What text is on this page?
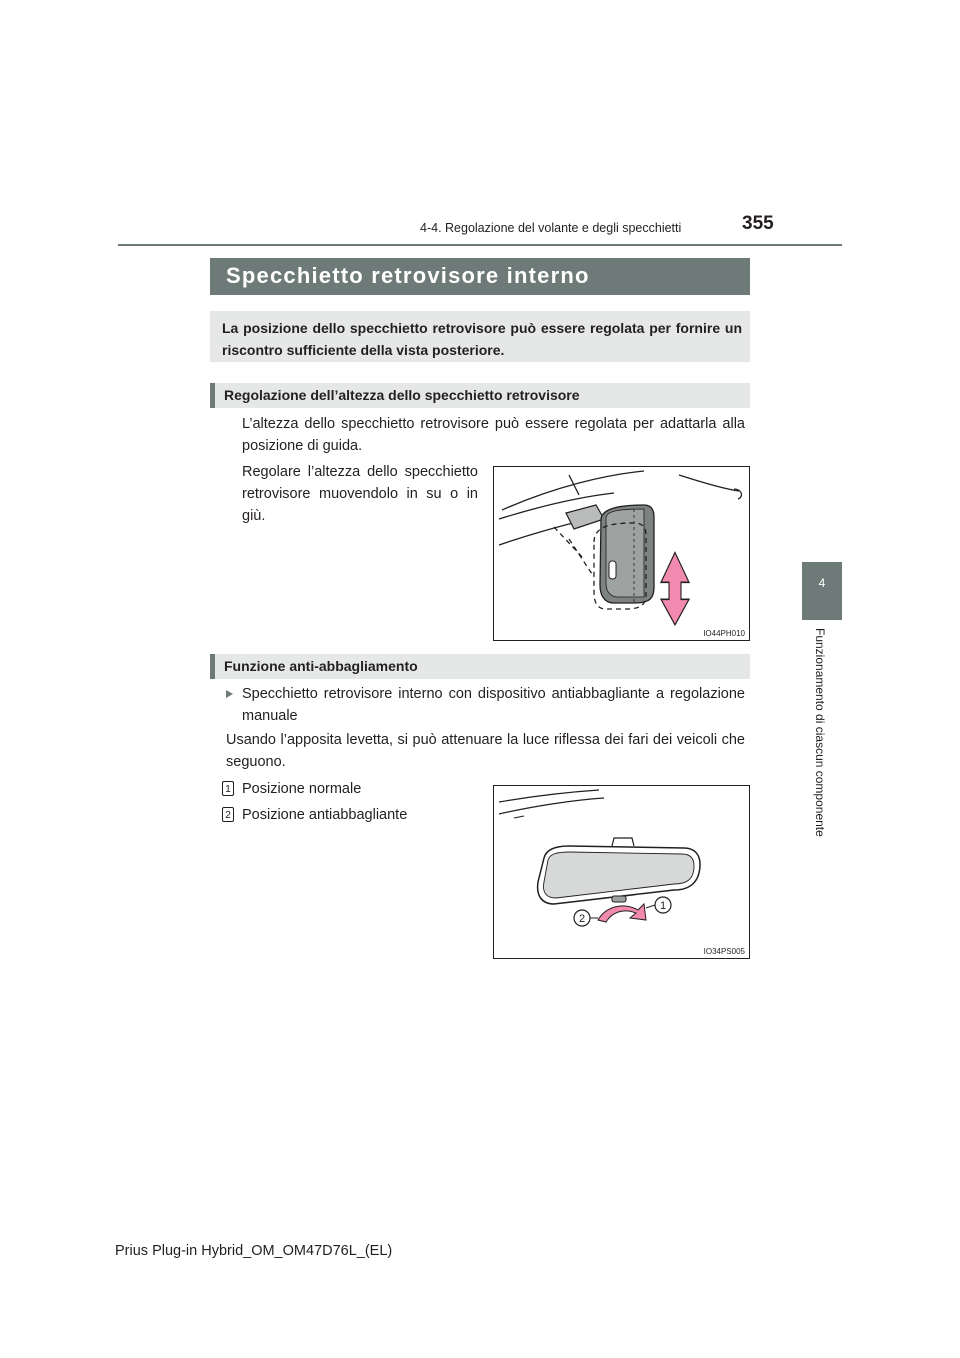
4-4. Regolazione del volante e degli specchietti	355
4
Funzionamento di ciascun componente
Specchietto retrovisore interno
La posizione dello specchietto retrovisore può essere regolata per fornire un riscontro sufficiente della vista posteriore.
Regolazione dell’altezza dello specchietto retrovisore
L’altezza dello specchietto retrovisore può essere regolata per adattarla alla posizione di guida.
Regolare l’altezza dello specchietto retrovisore muovendolo in su o in giù.
IO44PH010
Funzione anti-abbagliamento
Specchietto retrovisore interno con dispositivo antiabbagliante a regolazione manuale
Usando l’apposita levetta, si può attenuare la luce riflessa dei fari dei veicoli che seguono.
1 Posizione normale
2 Posizione antiabbagliante
2
1
IO34PS005
Prius Plug-in Hybrid_OM_OM47D76L_(EL)
